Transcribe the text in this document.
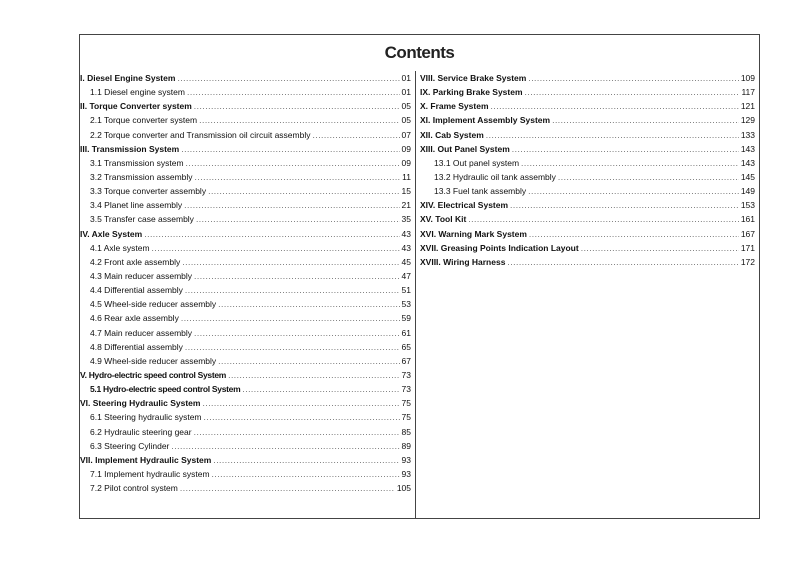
Contents
I. Diesel Engine System .....	01
1.1 Diesel engine system .....	01
II. Torque Converter system .....	05
2.1 Torque converter system .....	05
2.2 Torque converter and Transmission oil circuit assembly .....	07
III. Transmission System .....	09
3.1 Transmission system .....	09
3.2 Transmission assembly .....	11
3.3 Torque converter assembly .....	15
3.4 Planet line assembly .....	21
3.5 Transfer case assembly .....	35
IV. Axle System .....	43
4.1 Axle system .....	43
4.2 Front axle assembly .....	45
4.3 Main reducer assembly .....	47
4.4 Differential assembly .....	51
4.5 Wheel-side reducer assembly .....	53
4.6 Rear axle assembly .....	59
4.7 Main reducer assembly .....	61
4.8 Differential assembly .....	65
4.9 Wheel-side reducer assembly .....	67
V. Hydro-electric speed control System .....	73
5.1 Hydro-electric speed control System .....	73
VI. Steering Hydraulic System .....	75
6.1 Steering hydraulic system .....	75
6.2 Hydraulic steering gear .....	85
6.3 Steering Cylinder .....	89
VII. Implement Hydraulic System .....	93
7.1 Implement hydraulic system .....	93
7.2 Pilot control system .....	105
VIII. Service Brake System .....	109
IX. Parking Brake System .....	117
X. Frame System .....	121
XI. Implement Assembly System .....	129
XII. Cab System .....	133
XIII. Out Panel System .....	143
13.1 Out panel system .....	143
13.2 Hydraulic oil tank assembly .....	145
13.3 Fuel tank assembly .....	149
XIV. Electrical System .....	153
XV. Tool Kit .....	161
XVI. Warning Mark System .....	167
XVII. Greasing Points Indication Layout .....	171
XVIII. Wiring Harness .....	172
